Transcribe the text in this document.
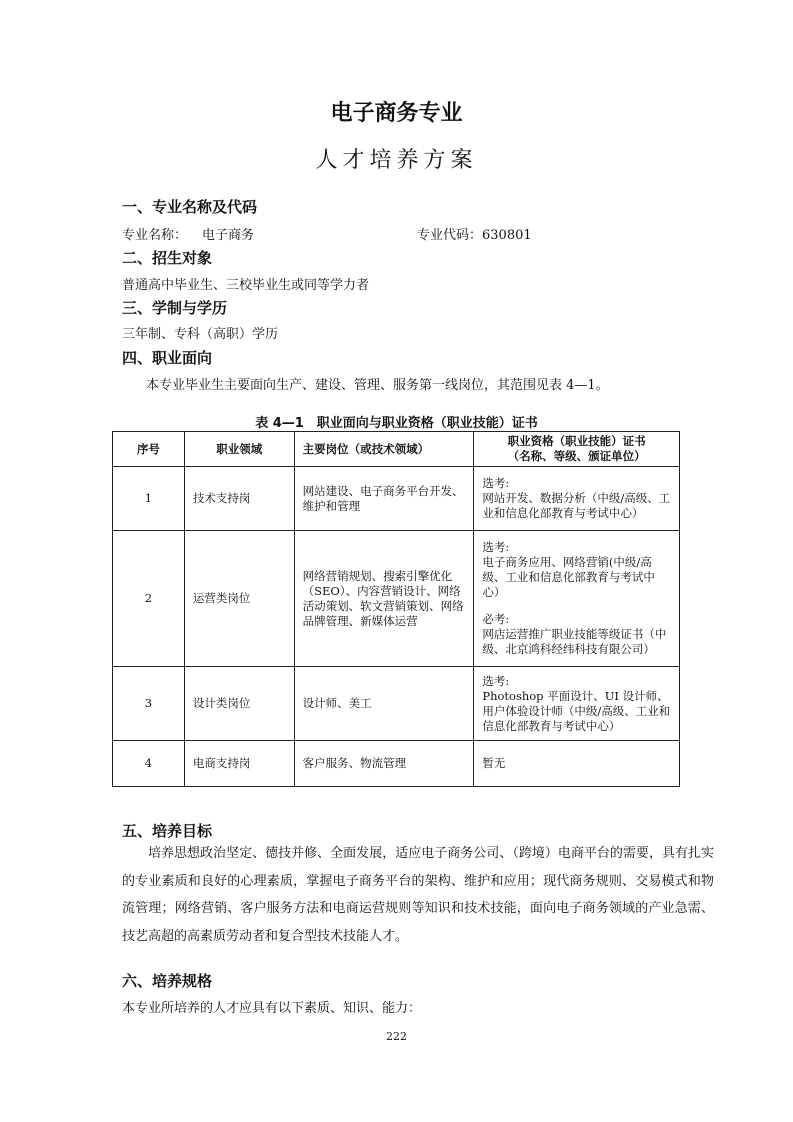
电子商务专业
人才培养方案
一、专业名称及代码
专业名称： 电子商务	专业代码：630801
二、招生对象
普通高中毕业生、三校毕业生或同等学力者
三、学制与学历
三年制、专科（高职）学历
四、职业面向
本专业毕业生主要面向生产、建设、管理、服务第一线岗位，其范围见表 4—1。
表 4—1　职业面向与职业资格（职业技能）证书
序号	职业领域	主要岗位（或技术领域）	职业资格（职业技能）证书
（名称、等级、颁证单位）

1	技术支持岗	网站建设、电子商务平台开发、维护和管理	选考:
网站开发、数据分析（中级/高级、工业和信息化部教育与考试中心）

2	运营类岗位	网络营销规划、搜索引擎优化（SEO）、内容营销设计、网络活动策划、软文营销策划、网络品牌管理、新媒体运营	选考:
电子商务应用、网络营销(中级/高级、工业和信息化部教育与考试中心）
必考:
网店运营推广职业技能等级证书（中级、北京鸿科经纬科技有限公司）

3	设计类岗位	设计师、美工	选考:
Photoshop 平面设计、UI 设计师、用户体验设计师（中级/高级、工业和信息化部教育与考试中心）

4	电商支持岗	客户服务、物流管理	暂无
五、培养目标
培养思想政治坚定、德技并修、全面发展，适应电子商务公司、（跨境）电商平台的需要，具有扎实的专业素质和良好的心理素质，掌握电子商务平台的架构、维护和应用；现代商务规则、交易模式和物流管理；网络营销、客户服务方法和电商运营规则等知识和技术技能，面向电子商务领域的产业急需、技艺高超的高素质劳动者和复合型技术技能人才。
六、培养规格
本专业所培养的人才应具有以下素质、知识、能力：
222
